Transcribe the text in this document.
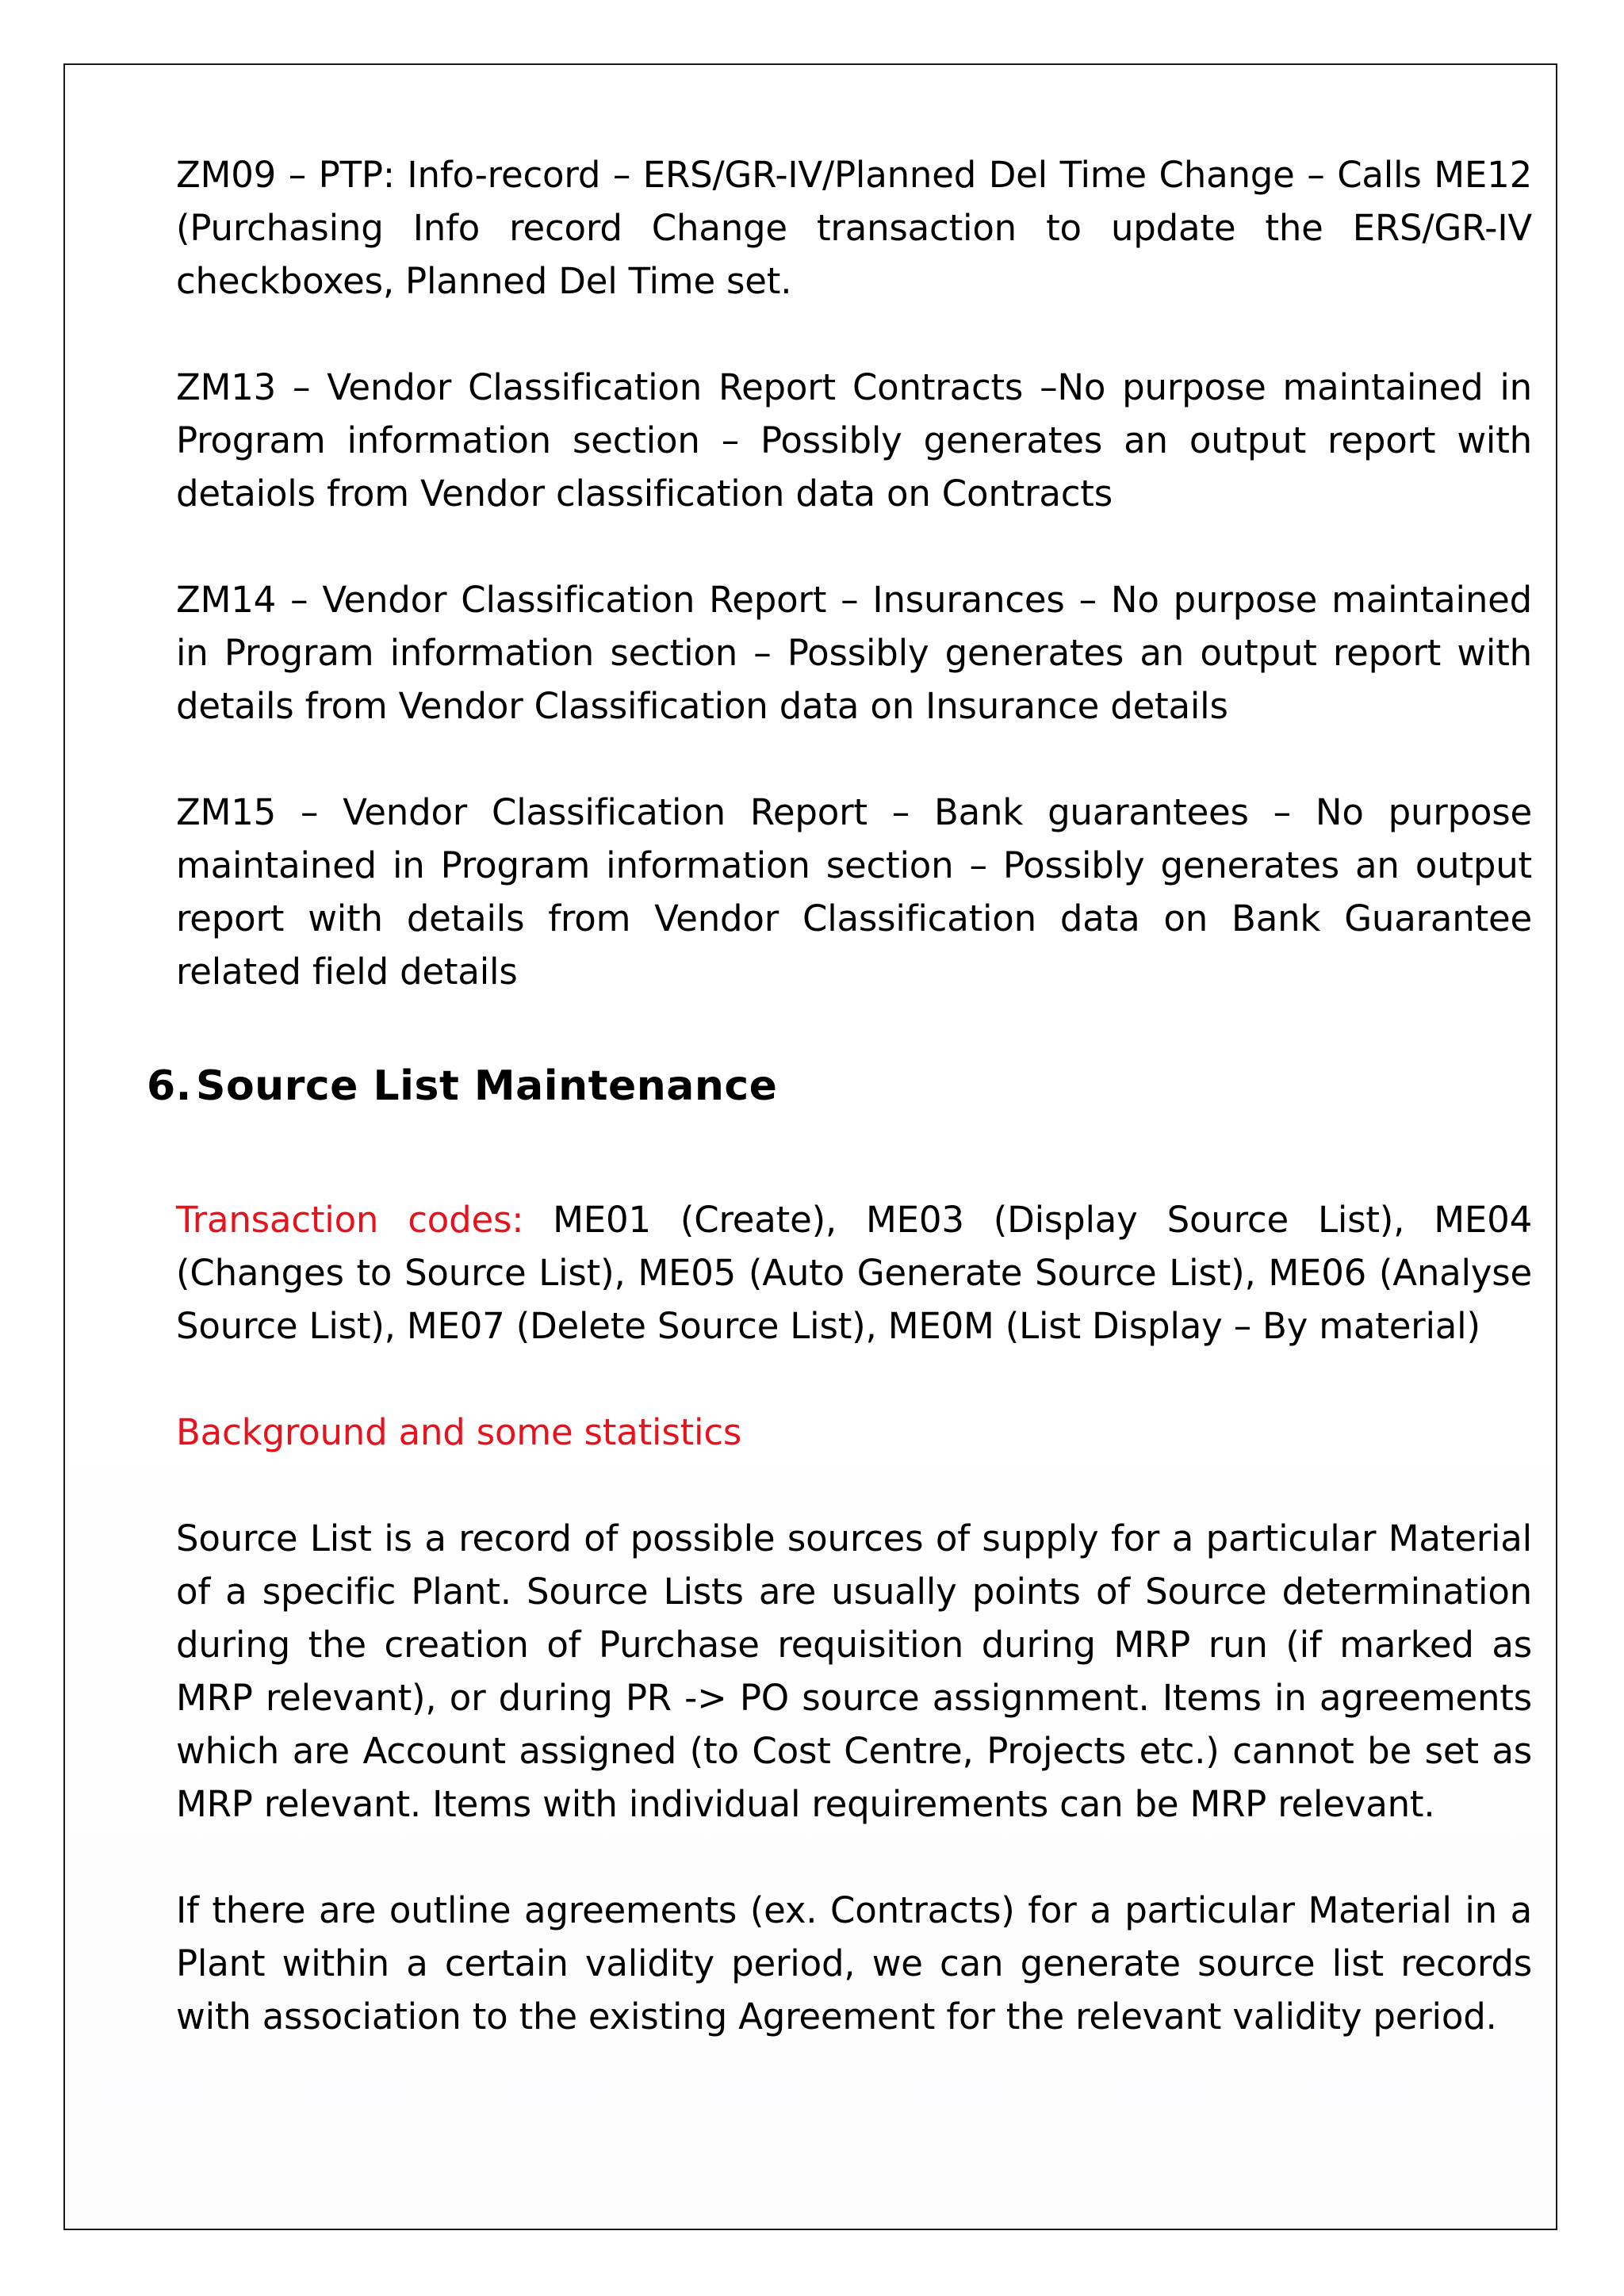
ZM09 – PTP: Info-record – ERS/GR-IV/Planned Del Time Change – Calls ME12 (Purchasing Info record Change transaction to update the ERS/GR-IV checkboxes, Planned Del Time set.

ZM13 – Vendor Classification Report Contracts –No purpose maintained in Program information section – Possibly generates an output report with detaiols from Vendor classification data on Contracts

ZM14 – Vendor Classification Report – Insurances – No purpose maintained in Program information section – Possibly generates an output report with details from Vendor Classification data on Insurance details

ZM15 – Vendor Classification Report – Bank guarantees – No purpose maintained in Program information section – Possibly generates an output report with details from Vendor Classification data on Bank Guarantee related field details

6.Source List Maintenance

Transaction codes: ME01 (Create), ME03 (Display Source List), ME04 (Changes to Source List), ME05 (Auto Generate Source List), ME06 (Analyse Source List), ME07 (Delete Source List), ME0M (List Display – By material)

Background and some statistics

Source List is a record of possible sources of supply for a particular Material of a specific Plant. Source Lists are usually points of Source determination during the creation of Purchase requisition during MRP run (if marked as MRP relevant), or during PR -> PO source assignment. Items in agreements which are Account assigned (to Cost Centre, Projects etc.) cannot be set as MRP relevant. Items with individual requirements can be MRP relevant.

If there are outline agreements (ex. Contracts) for a particular Material in a Plant within a certain validity period, we can generate source list records with association to the existing Agreement for the relevant validity period.
